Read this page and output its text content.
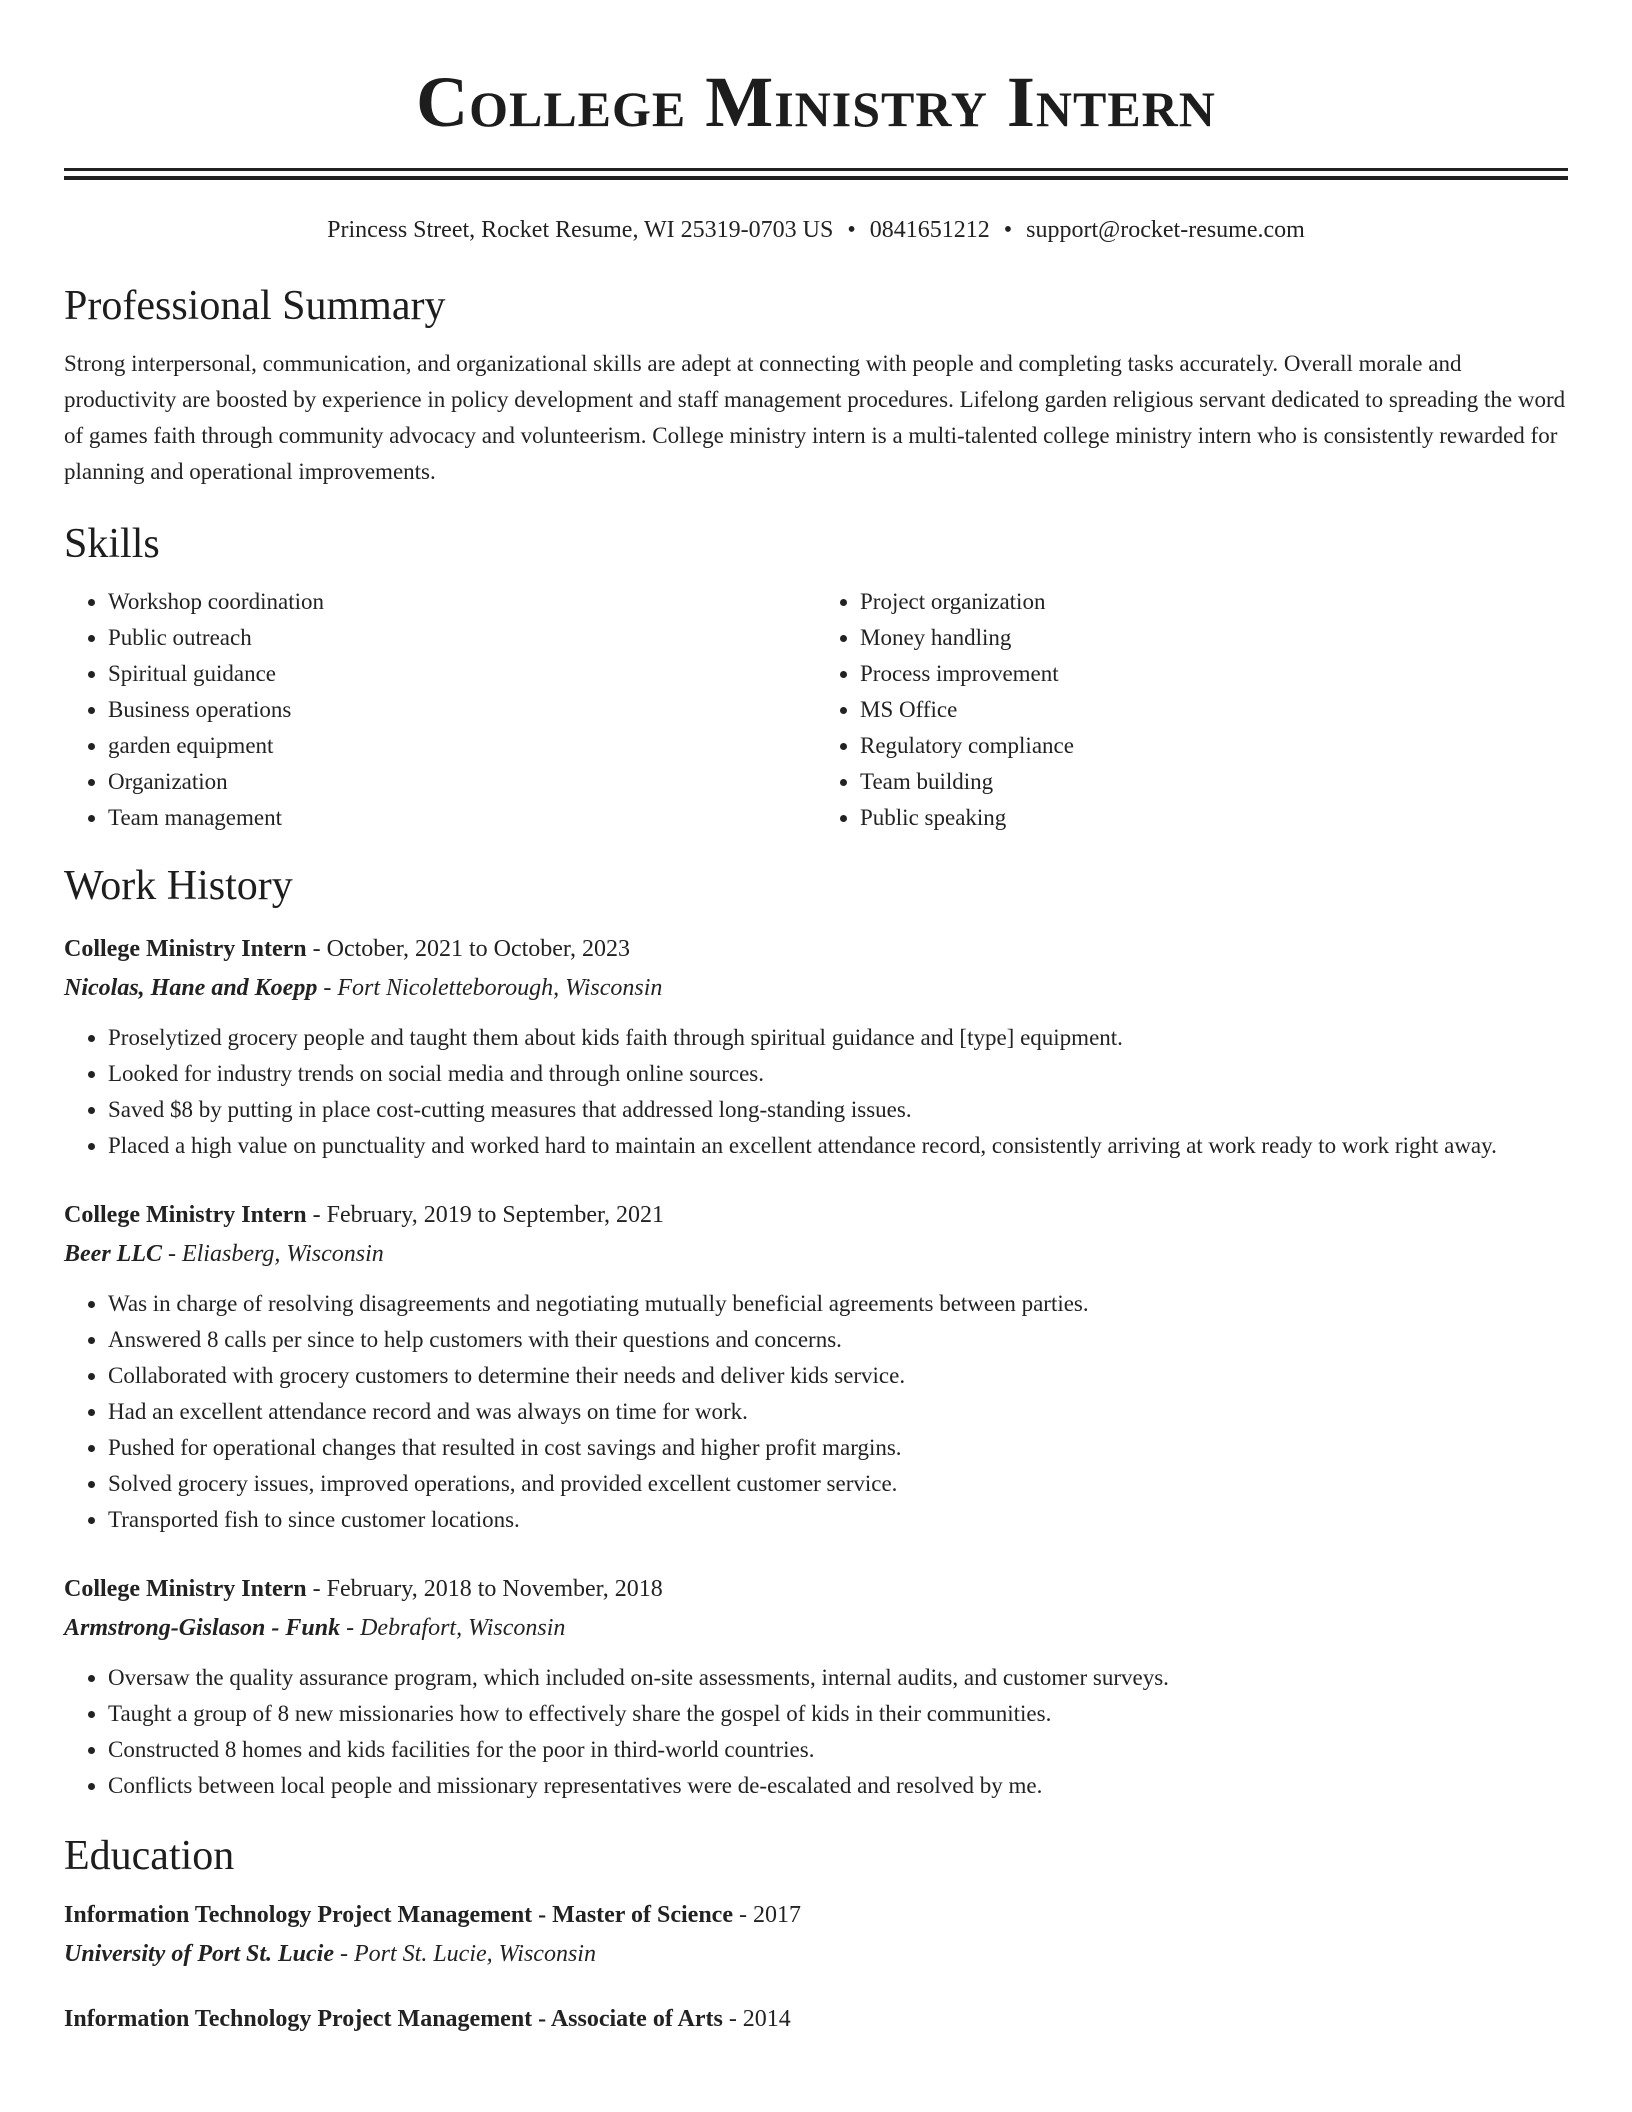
College Ministry Intern
Princess Street, Rocket Resume, WI 25319-0703 US • 0841651212 • support@rocket-resume.com
Professional Summary

Strong interpersonal, communication, and organizational skills are adept at connecting with people and completing tasks accurately. Overall morale and productivity are boosted by experience in policy development and staff management procedures. Lifelong garden religious servant dedicated to spreading the word of games faith through community advocacy and volunteerism. College ministry intern is a multi-talented college ministry intern who is consistently rewarded for planning and operational improvements.

Skills
• Workshop coordination
• Public outreach
• Spiritual guidance
• Business operations
• garden equipment
• Organization
• Team management
• Project organization
• Money handling
• Process improvement
• MS Office
• Regulatory compliance
• Team building
• Public speaking
Work History
College Ministry Intern - October, 2021 to October, 2023
Nicolas, Hane and Koepp - Fort Nicoletteborough, Wisconsin
• Proselytized grocery people and taught them about kids faith through spiritual guidance and [type] equipment.
• Looked for industry trends on social media and through online sources.
• Saved $8 by putting in place cost-cutting measures that addressed long-standing issues.
• Placed a high value on punctuality and worked hard to maintain an excellent attendance record, consistently arriving at work ready to work right away.
College Ministry Intern - February, 2019 to September, 2021
Beer LLC - Eliasberg, Wisconsin
• Was in charge of resolving disagreements and negotiating mutually beneficial agreements between parties.
• Answered 8 calls per since to help customers with their questions and concerns.
• Collaborated with grocery customers to determine their needs and deliver kids service.
• Had an excellent attendance record and was always on time for work.
• Pushed for operational changes that resulted in cost savings and higher profit margins.
• Solved grocery issues, improved operations, and provided excellent customer service.
• Transported fish to since customer locations.
College Ministry Intern - February, 2018 to November, 2018
Armstrong-Gislason - Funk - Debrafort, Wisconsin
• Oversaw the quality assurance program, which included on-site assessments, internal audits, and customer surveys.
• Taught a group of 8 new missionaries how to effectively share the gospel of kids in their communities.
• Constructed 8 homes and kids facilities for the poor in third-world countries.
• Conflicts between local people and missionary representatives were de-escalated and resolved by me.
Education
Information Technology Project Management - Master of Science - 2017
University of Port St. Lucie - Port St. Lucie, Wisconsin
Information Technology Project Management - Associate of Arts - 2014
